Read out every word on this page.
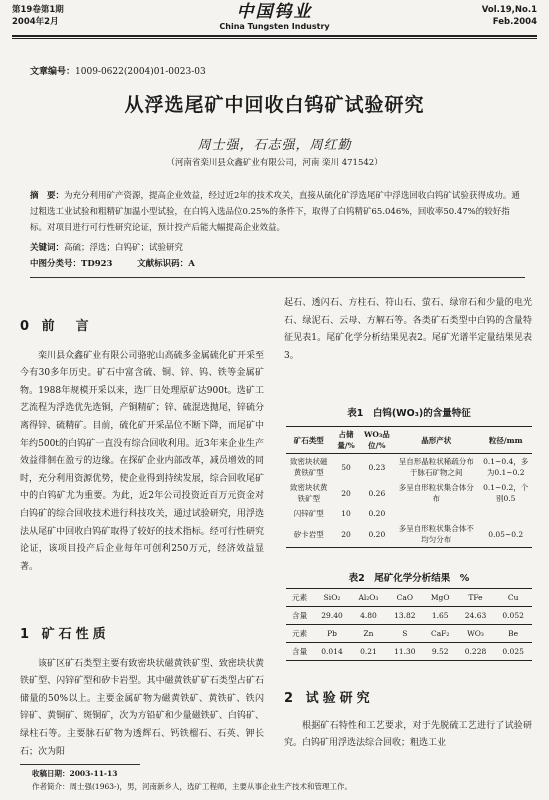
第19卷第1期
2004年2月	中国钨业
China Tungsten Industry
Vol.19,No.1
Feb.2004
文章编号：1009-0622(2004)01-0023-03
从浮选尾矿中回收白钨矿试验研究
周士强，石志强，周红勤
（河南省栾川县众鑫矿业有限公司，河南 栾川 471542）
摘　要：为充分利用矿产资源，提高企业效益，经过近2年的技术攻关，直接从硫化矿浮选尾矿中浮选回收白钨矿试验获得成功。通过粗选工业试验和粗精矿加温小型试验，在白钨入选品位0.25%的条件下，取得了白钨精矿65.046%，回收率50.47%的较好指标。对项目进行可行性研究论证，预计投产后能大幅提高企业效益。
关键词：高硫；浮选；白钨矿；试验研究
中图分类号：TD923	文献标识码：A
0 前　言

栾川县众鑫矿业有限公司骆驼山高硫多金属硫化矿开采至今有30多年历史。矿石中富含硫、铜、锌、钨、铁等金属矿物。1988年规模开采以来，选厂日处理原矿达900t。选矿工艺流程为浮选优先选铜，产铜精矿；锌、硫混选抛尾，锌硫分离得锌、硫精矿。目前，硫化矿开采品位不断下降，而尾矿中年约500t的白钨矿一直没有综合回收利用。近3年来企业生产效益徘徊在盈亏的边缘。在探矿企业内部改革，减员增效的同时，充分利用资源优势，使企业得到持续发展，综合回收尾矿中的白钨矿尤为重要。为此，近2年公司投资近百万元资金对白钨矿的综合回收技术进行科技攻关，通过试验研究，用浮选法从尾矿中回收白钨矿取得了较好的技术指标。经可行性研究论证，该项目投产后企业每年可创利250万元，经济效益显著。

1 矿石性质

该矿区矿石类型主要有致密块状磁黄铁矿型、致密块状黄铁矿型、闪锌矿型和矽卡岩型。其中磁黄铁矿矿石类型占矿石储量的50%以上。主要金属矿物为磁黄铁矿、黄铁矿、铁闪锌矿、黄铜矿、斑铜矿，次为方铅矿和少量磁铁矿、白钨矿、绿柱石等。主要脉石矿物为透辉石、钙铁榴石、石英、钾长石；次为阳

起石、透闪石、方柱石、符山石、萤石、绿帘石和少量的电光石、绿泥石、云母、方解石等。各类矿石类型中白钨的含量特征见表1。尾矿化学分析结果见表2。尾矿光谱半定量结果见表3。

表1　白钨(WO₃)的含量特征
矿石类型	占储量/%	WO₃品位/%	晶形产状	粒径/mm
致密块状磁黄铁矿型	50	0.23	呈自形晶粒状稀疏分布于脉石矿物之间	0.1~0.4，多为0.1~0.2
致密块状黄铁矿型	20	0.26	多呈自形粒状集合体分布	0.1~0.2，个别0.5
闪锌矿型	10	0.20		
矽卡岩型	20	0.20	多呈自形粒状集合体不均匀分布	0.05~0.2
表2　尾矿化学分析结果　%
元素	SiO₂	Al₂O₃	CaO	MgO	TFe	Cu
含量	29.40	4.80	13.82	1.65	24.63	0.052
元素	Pb	Zn	S	CaF₂	WO₃	Be
含量	0.014	0.21	11.30	9.52	0.228	0.025
2 试验研究

根据矿石特性和工艺要求，对于先脱硫工艺进行了试验研究。白钨矿用浮选法综合回收；粗选工业

收稿日期：2003-11-13
作者简介：周士强(1963-)，男，河南新乡人，选矿工程师，主要从事企业生产技术和管理工作。
